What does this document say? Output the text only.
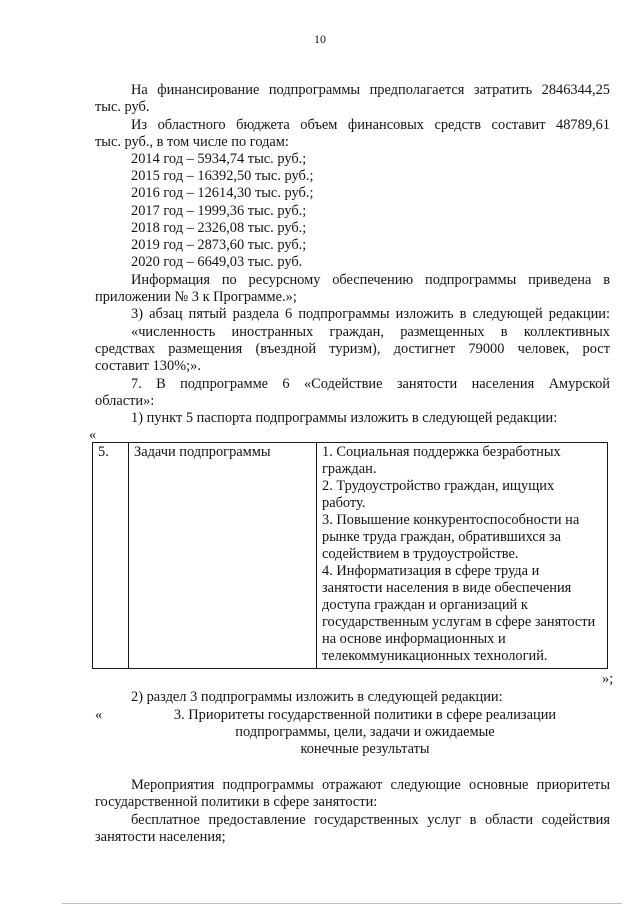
10
На финансирование подпрограммы предполагается затратить 2846344,25
тыс. руб.
Из областного бюджета объем финансовых средств составит 48789,61
тыс. руб., в том числе по годам:
2014 год – 5934,74 тыс. руб.;
2015 год – 16392,50 тыс. руб.;
2016 год – 12614,30 тыс. руб.;
2017 год – 1999,36 тыс. руб.;
2018 год – 2326,08 тыс. руб.;
2019 год – 2873,60 тыс. руб.;
2020 год – 6649,03 тыс. руб.
Информация по ресурсному обеспечению подпрограммы приведена в
приложении № 3 к Программе.»;
3) абзац пятый раздела 6 подпрограммы изложить в следующей редакции:
«численность иностранных граждан, размещенных в коллективных
средствах размещения (въездной туризм), достигнет 79000 человек, рост
составит 130%;».
7. В подпрограмме 6 «Содействие занятости населения Амурской
области»:
1) пункт 5 паспорта подпрограммы изложить в следующей редакции:
«
5.	Задачи подпрограммы	1. Социальная поддержка безработных
граждан.
2. Трудоустройство граждан, ищущих
работу.
3. Повышение конкурентоспособности на
рынке труда граждан, обратившихся за
содействием в трудоустройстве.
4. Информатизация в сфере труда и
занятости населения в виде обеспечения
доступа граждан и организаций к
государственным услугам в сфере занятости
на основе информационных и
телекоммуникационных технологий.
»;
2) раздел 3 подпрограммы изложить в следующей редакции:
«	3. Приоритеты государственной политики в сфере реализации
подпрограммы, цели, задачи и ожидаемые
конечные результаты
Мероприятия подпрограммы отражают следующие основные приоритеты
государственной политики в сфере занятости:
бесплатное предоставление государственных услуг в области содействия
занятости населения;
